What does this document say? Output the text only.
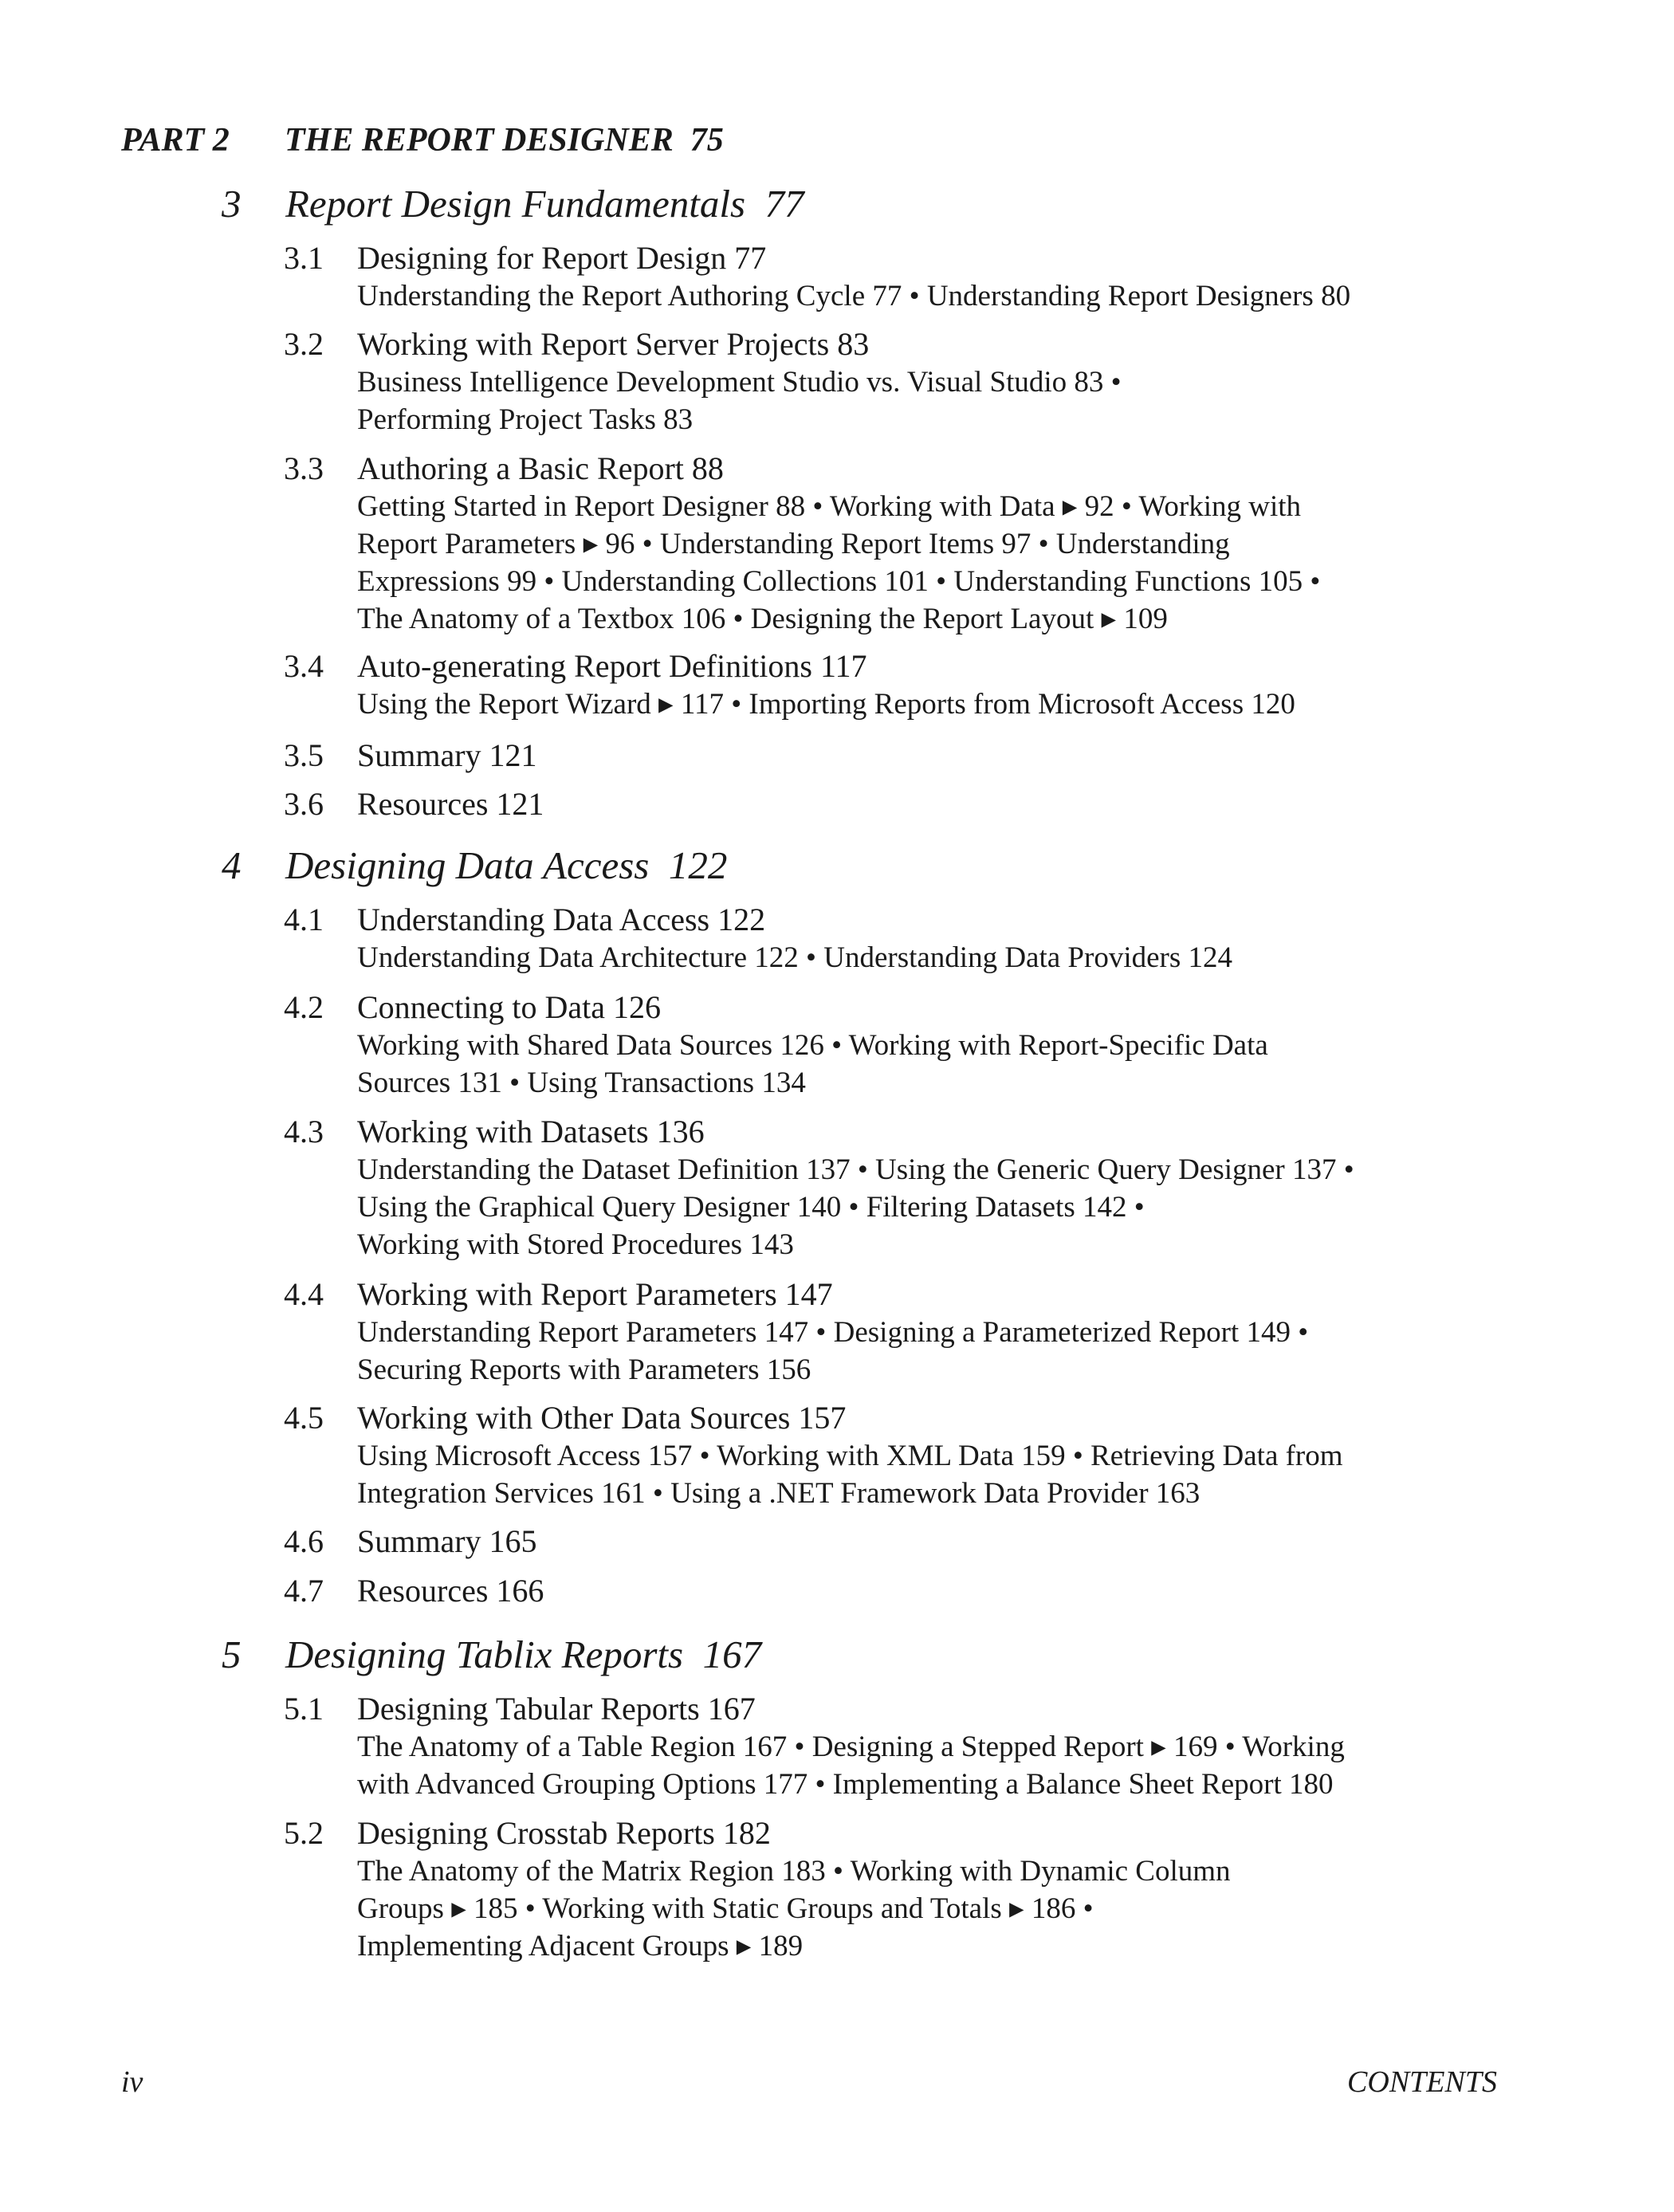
PART 2 THE REPORT DESIGNER 75
3 Report Design Fundamentals 77
3.1 Designing for Report Design 77
Understanding the Report Authoring Cycle 77 • Understanding Report Designers 80
3.2 Working with Report Server Projects 83
Business Intelligence Development Studio vs. Visual Studio 83 •
Performing Project Tasks 83
3.3 Authoring a Basic Report 88
Getting Started in Report Designer 88 • Working with Data ▸ 92 • Working with
Report Parameters ▸ 96 • Understanding Report Items 97 • Understanding
Expressions 99 • Understanding Collections 101 • Understanding Functions 105 •
The Anatomy of a Textbox 106 • Designing the Report Layout ▸ 109
3.4 Auto-generating Report Definitions 117
Using the Report Wizard ▸ 117 • Importing Reports from Microsoft Access 120
3.5 Summary 121
3.6 Resources 121
4 Designing Data Access 122
4.1 Understanding Data Access 122
Understanding Data Architecture 122 • Understanding Data Providers 124
4.2 Connecting to Data 126
Working with Shared Data Sources 126 • Working with Report-Specific Data
Sources 131 • Using Transactions 134
4.3 Working with Datasets 136
Understanding the Dataset Definition 137 • Using the Generic Query Designer 137 •
Using the Graphical Query Designer 140 • Filtering Datasets 142 •
Working with Stored Procedures 143
4.4 Working with Report Parameters 147
Understanding Report Parameters 147 • Designing a Parameterized Report 149 •
Securing Reports with Parameters 156
4.5 Working with Other Data Sources 157
Using Microsoft Access 157 • Working with XML Data 159 • Retrieving Data from
Integration Services 161 • Using a .NET Framework Data Provider 163
4.6 Summary 165
4.7 Resources 166
5 Designing Tablix Reports 167
5.1 Designing Tabular Reports 167
The Anatomy of a Table Region 167 • Designing a Stepped Report ▸ 169 • Working
with Advanced Grouping Options 177 • Implementing a Balance Sheet Report 180
5.2 Designing Crosstab Reports 182
The Anatomy of the Matrix Region 183 • Working with Dynamic Column
Groups ▸ 185 • Working with Static Groups and Totals ▸ 186 •
Implementing Adjacent Groups ▸ 189
iv	CONTENTS
